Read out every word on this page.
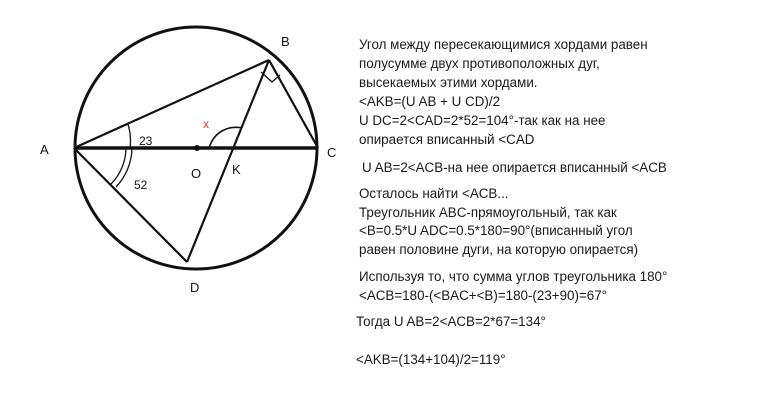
A
B
C
D
O K
23
52
x
Угол между пересекающимися хордами равен
полусумме двух противоположных дуг,
высекаемых этими хордами.
<AKB=(U AB + U CD)/2
U DC=2<CAD=2*52=104°-так как на нее
опирается вписанный <CAD
U AB=2<ACB-на нее опирается вписанный <ACB
Осталось найти <ACB...
Треугольник ABC-прямоугольный, так как
<B=0.5*U ADC=0.5*180=90°(вписанный угол
равен половине дуги, на которую опирается)
Используя то, что сумма углов треугольника 180°
<ACB=180-(<BAC+<B)=180-(23+90)=67°
Тогда U AB=2<ACB=2*67=134°
<AKB=(134+104)/2=119°
